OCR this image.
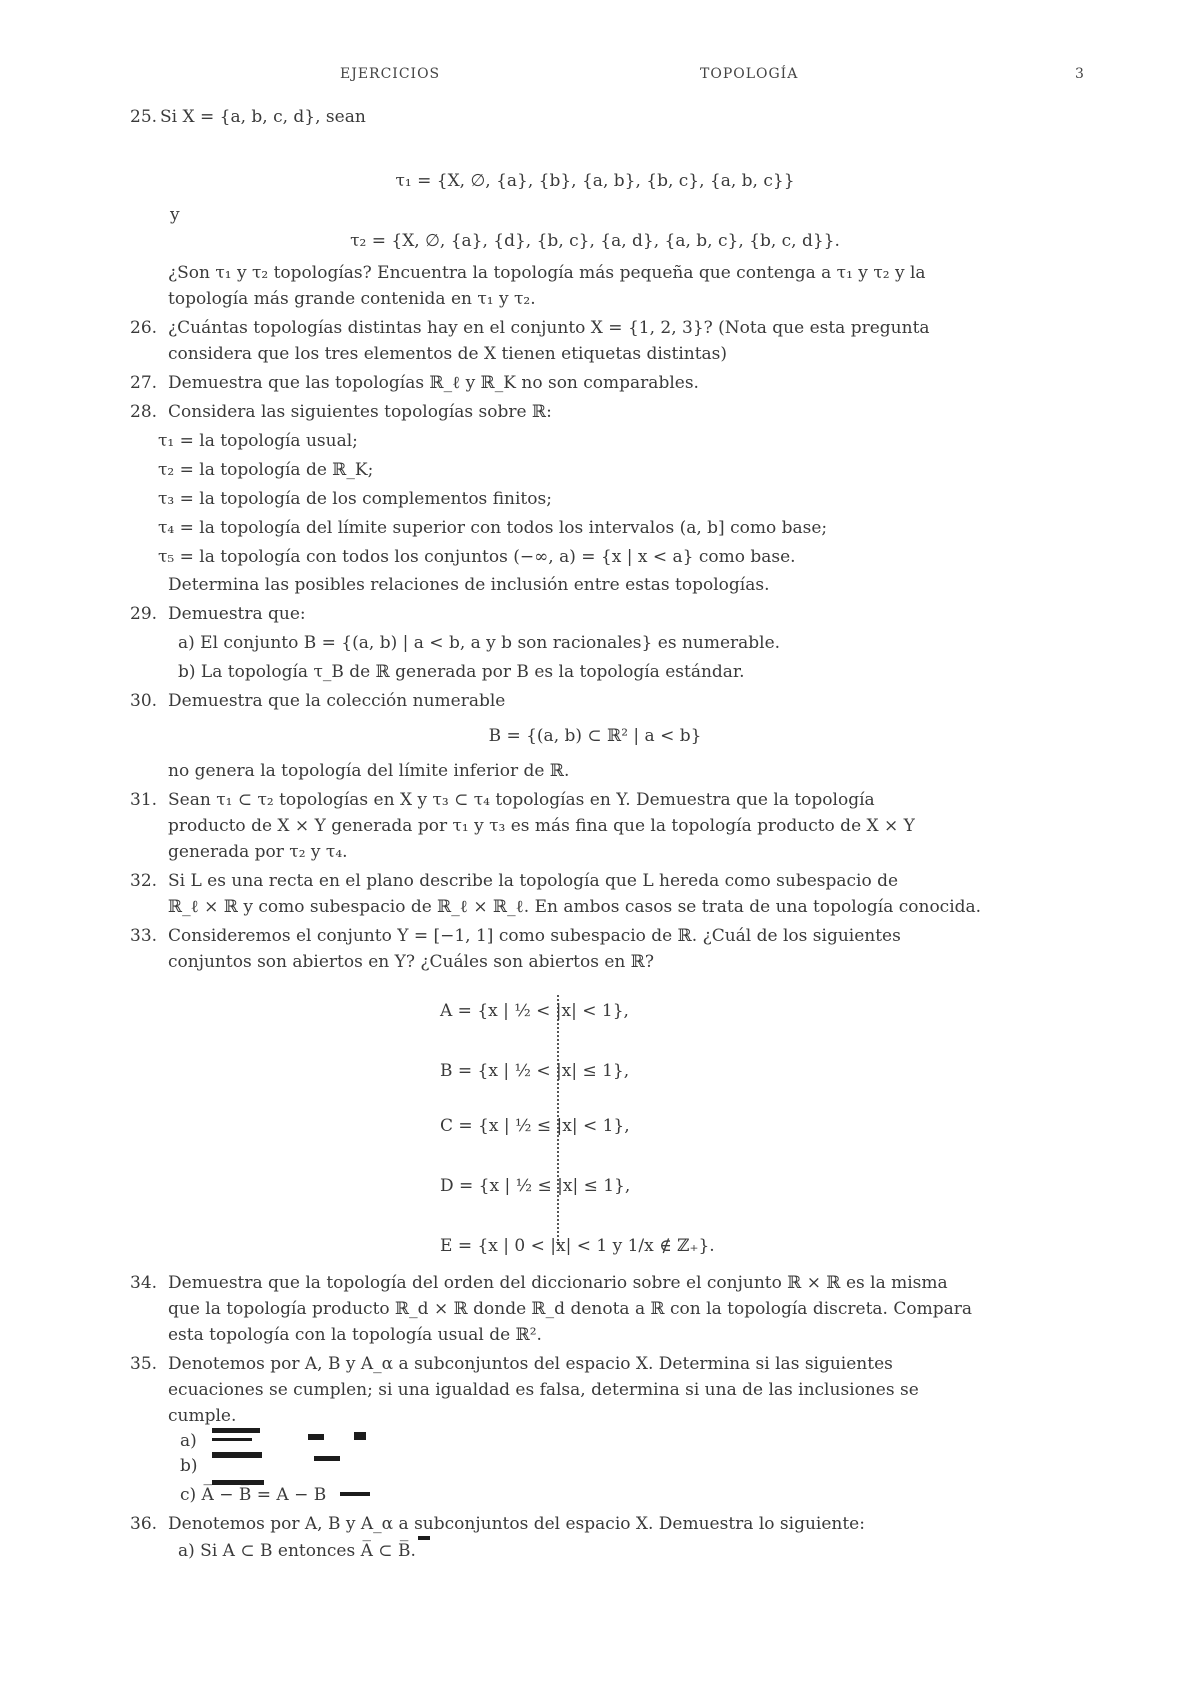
EJERCICIOS	TOPOLOGÍA	3
25. Si X = {a, b, c, d}, sean
τ₁ = {X, ∅, {a}, {b}, {a, b}, {b, c}, {a, b, c}}
y
τ₂ = {X, ∅, {a}, {d}, {b, c}, {a, d}, {a, b, c}, {b, c, d}}.
¿Son τ₁ y τ₂ topologías? Encuentra la topología más pequeña que contenga a τ₁ y τ₂ y la
topología más grande contenida en τ₁ y τ₂.
26. ¿Cuántas topologías distintas hay en el conjunto X = {1, 2, 3}? (Nota que esta pregunta
considera que los tres elementos de X tienen etiquetas distintas)
27. Demuestra que las topologías ℝ_ℓ y ℝ_K no son comparables.
28. Considera las siguientes topologías sobre ℝ:
τ₁ = la topología usual;
τ₂ = la topología de ℝ_K;
τ₃ = la topología de los complementos finitos;
τ₄ = la topología del límite superior con todos los intervalos (a, b] como base;
τ₅ = la topología con todos los conjuntos (−∞, a) = {x | x < a} como base.
Determina las posibles relaciones de inclusión entre estas topologías.
29. Demuestra que:
a) El conjunto B = {(a, b) | a < b, a y b son racionales} es numerable.
b) La topología τ_B de ℝ generada por B es la topología estándar.
30. Demuestra que la colección numerable
B = {(a, b) ⊂ ℝ² | a < b}
no genera la topología del límite inferior de ℝ.
31. Sean τ₁ ⊂ τ₂ topologías en X y τ₃ ⊂ τ₄ topologías en Y. Demuestra que la topología
producto de X × Y generada por τ₁ y τ₃ es más fina que la topología producto de X × Y
generada por τ₂ y τ₄.
32. Si L es una recta en el plano describe la topología que L hereda como subespacio de
ℝ_ℓ × ℝ y como subespacio de ℝ_ℓ × ℝ_ℓ. En ambos casos se trata de una topología conocida.
33. Consideremos el conjunto Y = [−1, 1] como subespacio de ℝ. ¿Cuál de los siguientes
conjuntos son abiertos en Y? ¿Cuáles son abiertos en ℝ?
A = {x | ½ < |x| < 1},
B = {x | ½ < |x| ≤ 1},
C = {x | ½ ≤ |x| < 1},
D = {x | ½ ≤ |x| ≤ 1},
E = {x | 0 < |x| < 1 y 1/x ∉ ℤ₊}.
34. Demuestra que la topología del orden del diccionario sobre el conjunto ℝ × ℝ es la misma
que la topología producto ℝ_d × ℝ donde ℝ_d denota a ℝ con la topología discreta. Compara
esta topología con la topología usual de ℝ².
35. Denotemos por A, B y A_α a subconjuntos del espacio X. Determina si las siguientes
ecuaciones se cumplen; si una igualdad es falsa, determina si una de las inclusiones se
cumple.
a)
b)
c) A̅ − B̅ = A − B
36. Denotemos por A, B y A_α a subconjuntos del espacio X. Demuestra lo siguiente:
a) Si A ⊂ B entonces A̅ ⊂ B̅.
